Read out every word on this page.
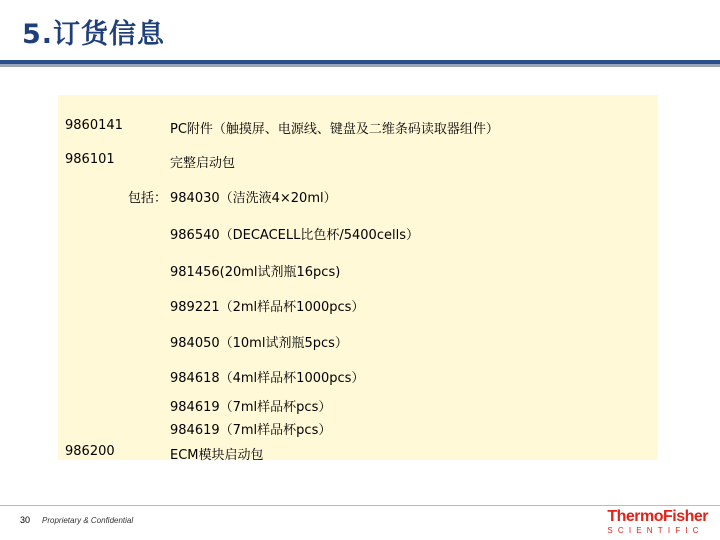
5.订货信息
9860141	PC附件（触摸屏、电源线、键盘及二维条码读取器组件）
986101	完整启动包
包括： 984030（洁洗液4×20ml）
986540（DECACELL比色杯/5400cells）
981456(20ml试剂瓶16pcs)
989221（2ml样品杯1000pcs）
984050（10ml试剂瓶5pcs）
984618（4ml样品杯1000pcs）
984619（7ml样品杯pcs）
984619（7ml样品杯pcs）
986200	ECM模块启动包
30 Proprietary & Confidential	ThermoFisher
SCIENTIFIC
